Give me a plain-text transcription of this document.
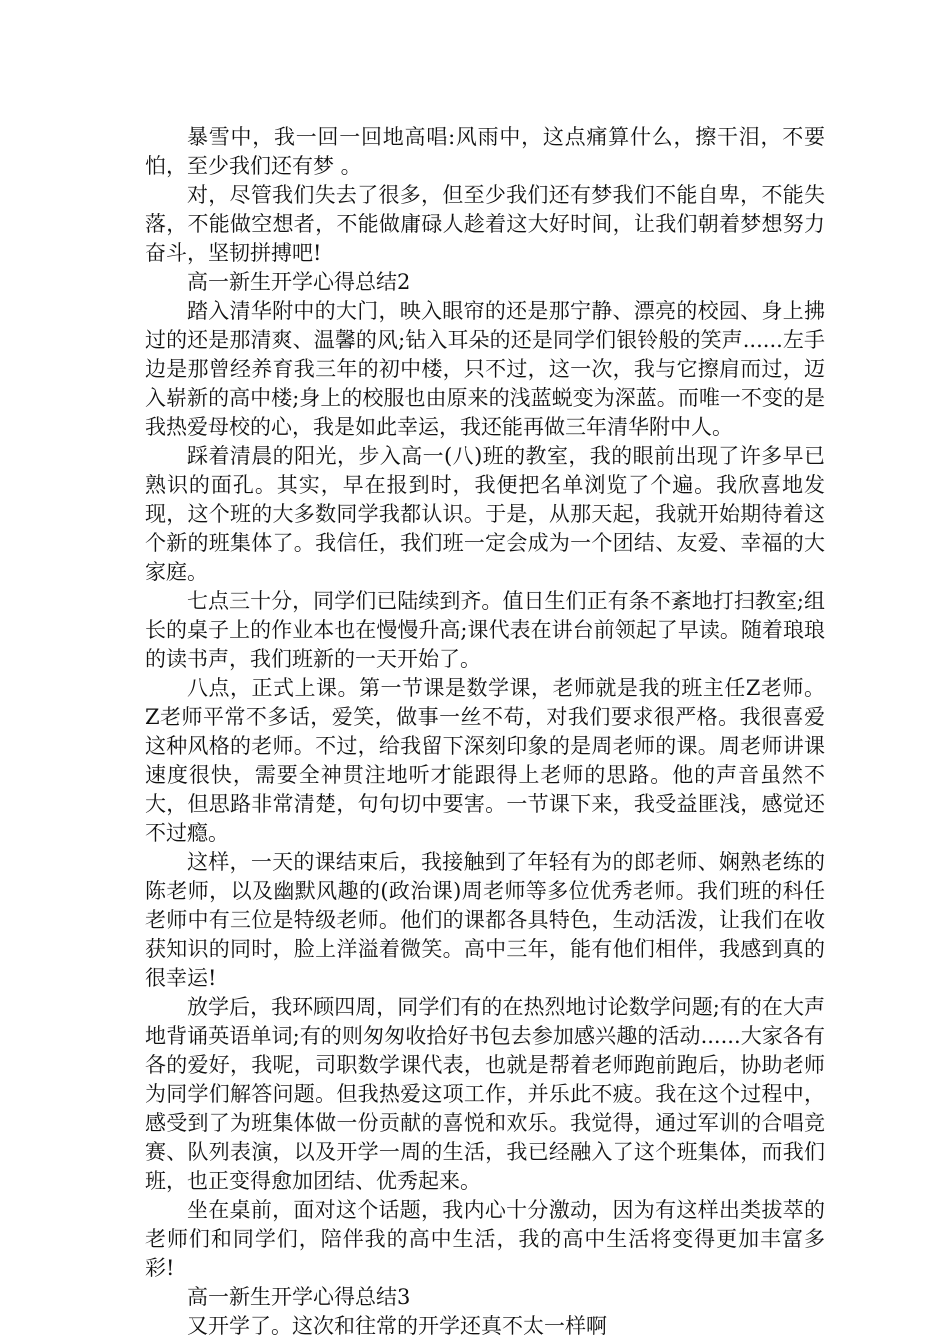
暴雪中，我一回一回地高唱:风雨中，这点痛算什么，擦干泪，不要怕，至少我们还有梦 。

对，尽管我们失去了很多，但至少我们还有梦我们不能自卑，不能失落，不能做空想者，不能做庸碌人趁着这大好时间，让我们朝着梦想努力奋斗，坚韧拼搏吧!

高一新生开学心得总结2

踏入清华附中的大门，映入眼帘的还是那宁静、漂亮的校园、身上拂过的还是那清爽、温馨的风;钻入耳朵的还是同学们银铃般的笑声......左手边是那曾经养育我三年的初中楼，只不过，这一次，我与它擦肩而过，迈入崭新的高中楼;身上的校服也由原来的浅蓝蜕变为深蓝。而唯一不变的是我热爱母校的心，我是如此幸运，我还能再做三年清华附中人。

踩着清晨的阳光，步入高一(八)班的教室，我的眼前出现了许多早已熟识的面孔。其实，早在报到时，我便把名单浏览了个遍。我欣喜地发现，这个班的大多数同学我都认识。于是，从那天起，我就开始期待着这个新的班集体了。我信任，我们班一定会成为一个团结、友爱、幸福的大家庭。

七点三十分，同学们已陆续到齐。值日生们正有条不紊地打扫教室;组长的桌子上的作业本也在慢慢升高;课代表在讲台前领起了早读。随着琅琅的读书声，我们班新的一天开始了。

八点，正式上课。第一节课是数学课，老师就是我的班主任Z老师。Z老师平常不多话，爱笑，做事一丝不苟，对我们要求很严格。我很喜爱这种风格的老师。不过，给我留下深刻印象的是周老师的课。周老师讲课速度很快，需要全神贯注地听才能跟得上老师的思路。他的声音虽然不大，但思路非常清楚，句句切中要害。一节课下来，我受益匪浅，感觉还不过瘾。

这样，一天的课结束后，我接触到了年轻有为的郎老师、娴熟老练的陈老师，以及幽默风趣的(政治课)周老师等多位优秀老师。我们班的科任老师中有三位是特级老师。他们的课都各具特色，生动活泼，让我们在收获知识的同时，脸上洋溢着微笑。高中三年，能有他们相伴，我感到真的很幸运!

放学后，我环顾四周，同学们有的在热烈地讨论数学问题;有的在大声地背诵英语单词;有的则匆匆收拾好书包去参加感兴趣的活动......大家各有各的爱好，我呢，司职数学课代表，也就是帮着老师跑前跑后，协助老师为同学们解答问题。但我热爱这项工作，并乐此不疲。我在这个过程中，感受到了为班集体做一份贡献的喜悦和欢乐。我觉得，通过军训的合唱竞赛、队列表演，以及开学一周的生活，我已经融入了这个班集体，而我们班，也正变得愈加团结、优秀起来。

坐在桌前，面对这个话题，我内心十分激动，因为有这样出类拔萃的老师们和同学们，陪伴我的高中生活，我的高中生活将变得更加丰富多彩!

高一新生开学心得总结3

又开学了。这次和往常的开学还真不太一样啊
